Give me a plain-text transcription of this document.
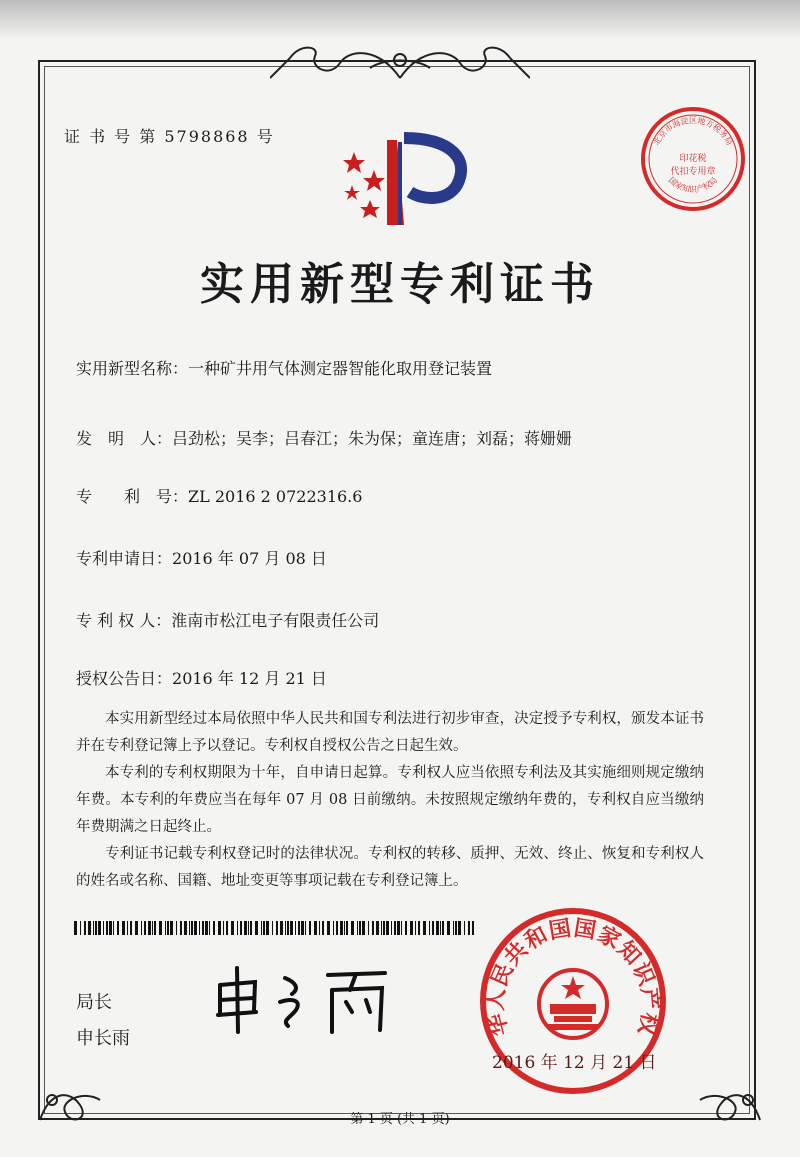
证 书 号 第 5798868 号	北京市海淀区地方税务局
印花税
代扣专用章
国家知识产权局
实用新型专利证书
实用新型名称：一种矿井用气体测定器智能化取用登记装置
发　明　人：吕劲松；吴李；吕春江；朱为保；童连唐；刘磊；蒋姗姗
专　　利　号：ZL 2016 2 0722316.6
专利申请日：2016 年 07 月 08 日
专 利 权 人：淮南市松江电子有限责任公司
授权公告日：2016 年 12 月 21 日

本实用新型经过本局依照中华人民共和国专利法进行初步审查，决定授予专利权，颁发本证书并在专利登记簿上予以登记。专利权自授权公告之日起生效。

本专利的专利权期限为十年，自申请日起算。专利权人应当依照专利法及其实施细则规定缴纳年费。本专利的年费应当在每年 07 月 08 日前缴纳。未按照规定缴纳年费的，专利权自应当缴纳年费期满之日起终止。

专利证书记载专利权登记时的法律状况。专利权的转移、质押、无效、终止、恢复和专利权人的姓名或名称、国籍、地址变更等事项记载在专利登记簿上。

局长
申长雨
华人民共和国国家知识产权
2016 年 12 月 21 日
第 1 页 (共 1 页)
